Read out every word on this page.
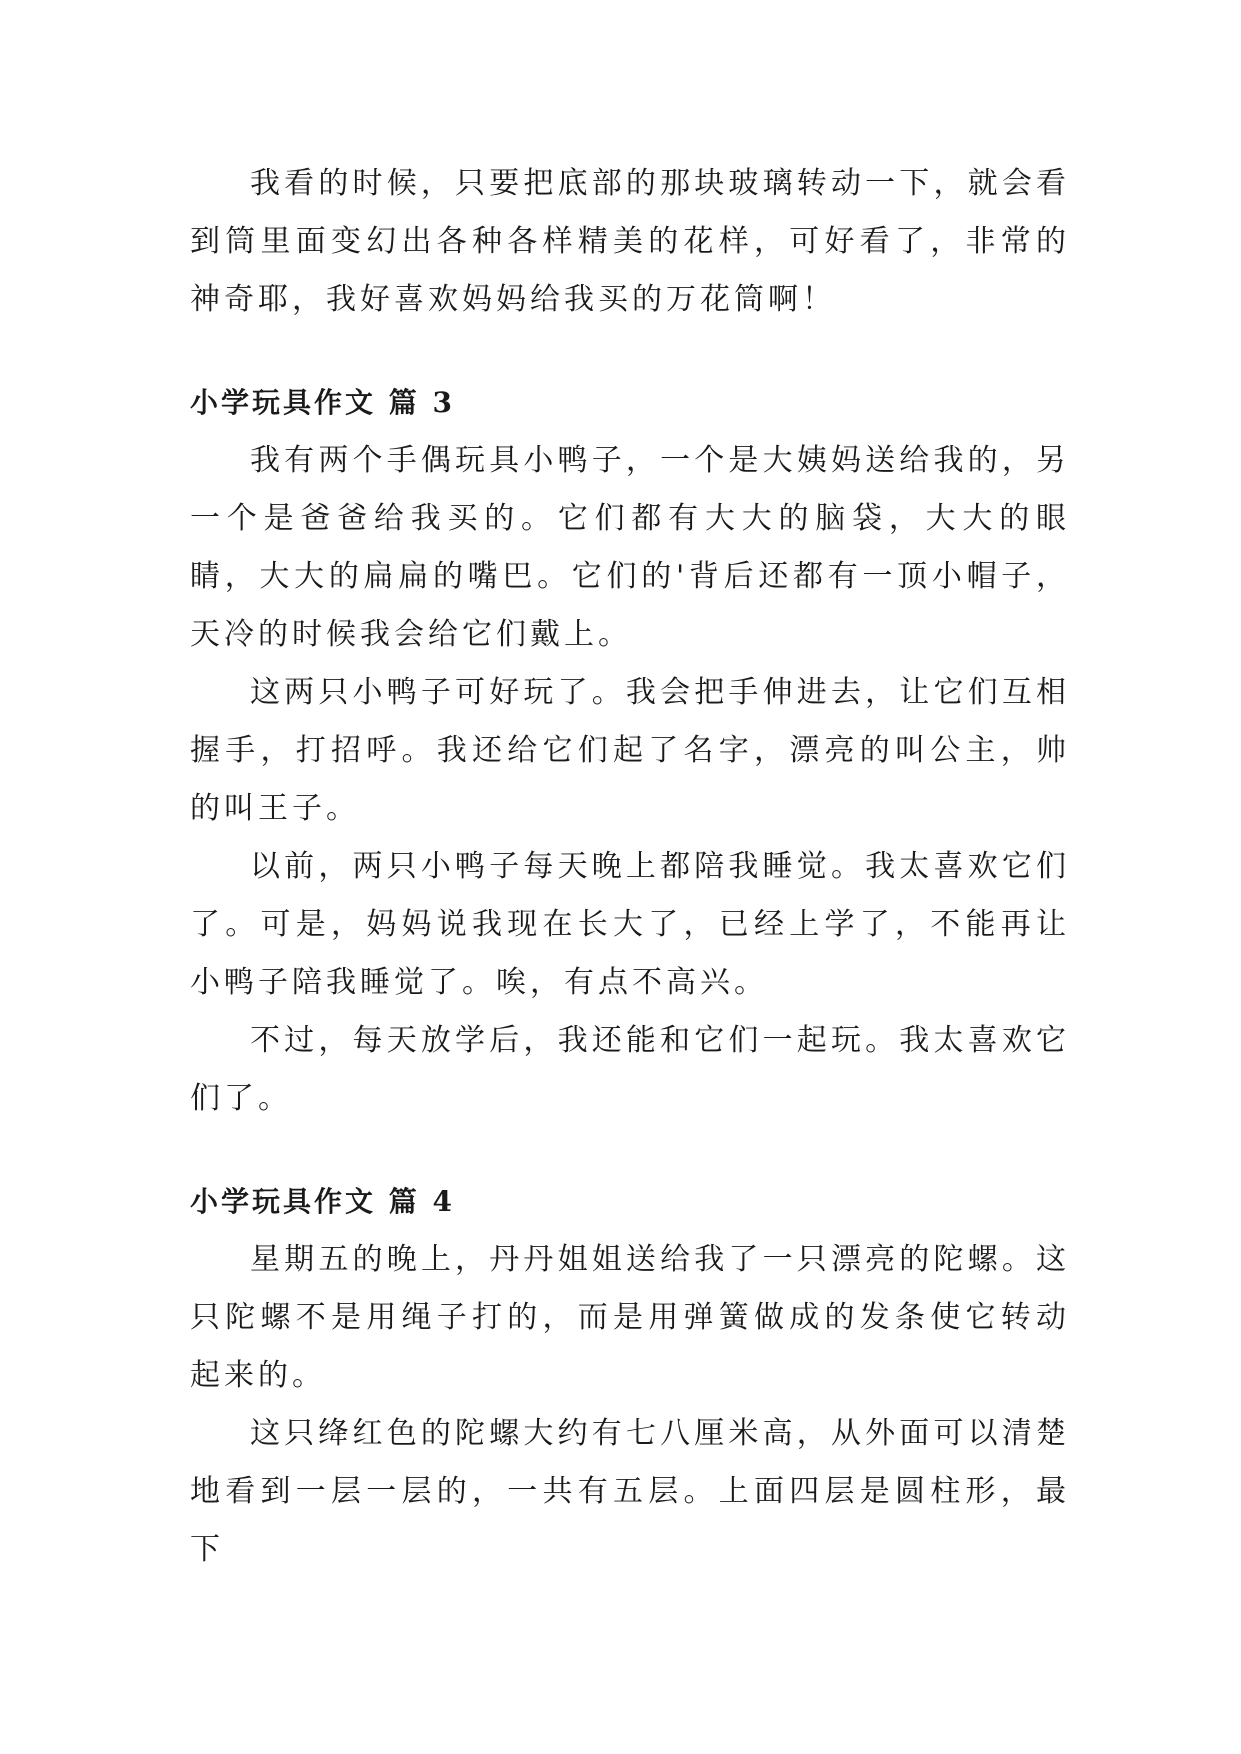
我看的时候，只要把底部的那块玻璃转动一下，就会看到筒里面变幻出各种各样精美的花样，可好看了，非常的神奇耶，我好喜欢妈妈给我买的万花筒啊！

小学玩具作文 篇 3

我有两个手偶玩具小鸭子，一个是大姨妈送给我的，另一个是爸爸给我买的。它们都有大大的脑袋，大大的眼睛，大大的扁扁的嘴巴。它们的'背后还都有一顶小帽子，天冷的时候我会给它们戴上。

这两只小鸭子可好玩了。我会把手伸进去，让它们互相握手，打招呼。我还给它们起了名字，漂亮的叫公主，帅的叫王子。

以前，两只小鸭子每天晚上都陪我睡觉。我太喜欢它们了。可是，妈妈说我现在长大了，已经上学了，不能再让小鸭子陪我睡觉了。唉，有点不高兴。

不过，每天放学后，我还能和它们一起玩。我太喜欢它们了。

小学玩具作文 篇 4

星期五的晚上，丹丹姐姐送给我了一只漂亮的陀螺。这只陀螺不是用绳子打的，而是用弹簧做成的发条使它转动起来的。

这只绛红色的陀螺大约有七八厘米高，从外面可以清楚地看到一层一层的，一共有五层。上面四层是圆柱形，最下
